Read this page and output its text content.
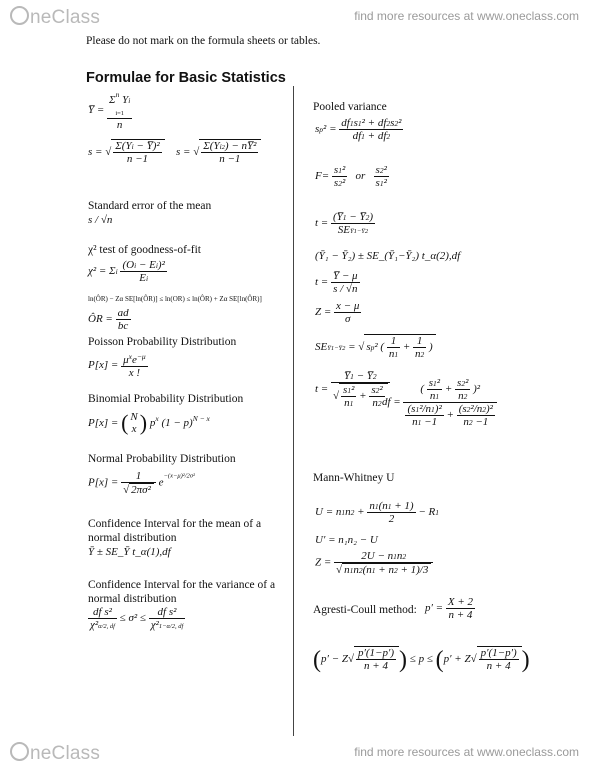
neClass	find more resources at www.oneclass.com
Please do not mark on the formula sheets or tables.
Formulae for Basic Statistics
Y̅ =
$\Sigma^n$ Yi
i=1
n
s = √ $\frac{\text{Σ(Yi − Y̅)²}}{n -1}$ s = √ $\frac{\text{Σ(Yi2) − nY̅²}}{n -1}$
Standard error of the mean
s / √n
χ² test of goodness-of-fit
χ² = Σi $\frac{\text{(Oi − Ei)²}}{Ei}$
ln(ÔR) − Zα SE[ln(ÔR)] ≤ ln(OR) ≤ ln(ÔR) + Zα SE[ln(ÔR)]
ÔR = $\frac{ad}{bc}$
Poisson Probability Distribution
$P[x] = \frac{\mu^xe^{-\mu}}{x !}$
Binomial Probability Distribution
P[x] = ( N
x ) $p^x$ $(1 - p)^{N - x}$
Normal Probability Distribution
$P[x] = \frac{1}{\text{√ 2πσ²}} e^{-(x-\mu)^2/2\sigma^2}$
Confidence Interval for the mean of a
normal distribution
Ȳ ± SE_Ȳ t_α(1),df
Confidence Interval for the variance of a
normal distribution
$\frac{\text{df s²}}{\text{χ²α/2, df}} \le \sigma^2 \le \frac{\text{df s²}}{\text{χ²1−α/2, df}}$
Pooled variance
$sp^2 = \frac{\text{df1s1² + df2s2²}}{df1 + df2}$
$F= \frac{\text{s1²}}{\text{s2²}}$ or $\frac{\text{s2²}}{\text{s1²}}$
$t = \frac{(Y̅1 - Y̅2)}{\text{SEY̅1−Y̅2}}$
(Ȳ₁ − Ȳ₂) ± SE_(Ȳ₁−Ȳ₂) t_α(2),df
$t = \frac{Y̅ - \mu}{s / √n}$
$Z = \frac{x - \mu}{\sigma}$
SEY̅1−Y̅2 = √ sp² ( $\frac{1}{n1} + \frac{1}{n2}$ )
$t = \frac{Y̅1 - Y̅2}{√ \frac{\text{s1²}}{n1} + \frac{\text{s2²}}{n2}}$
df = $\frac{( \frac{\text{s1²}}{n1} + \frac{\text{s2²}}{n2} )^2}{\frac{\text{(s1²/n1)²}}{n1 -1} + \frac{\text{(s2²/n2)²}}{n2 -1}}$
Mann-Whitney U
$U = n1n2 + \frac{n1(n1 + 1)}{2} - R1$
U′ = n₁n₂ − U
$Z = \frac{2U - n1n2}{√ n1n2(n1 + n2 + 1)/3}$
Agresti-Coull method: $p' = \frac{X + 2}{n + 4}$
($p' - Z√ \frac{p'(1-p')}{n + 4}$ ) ≤ $p \le (p' + Z√ \frac{p'(1-p')}{n + 4}$ )
neClass	find more resources at www.oneclass.com
